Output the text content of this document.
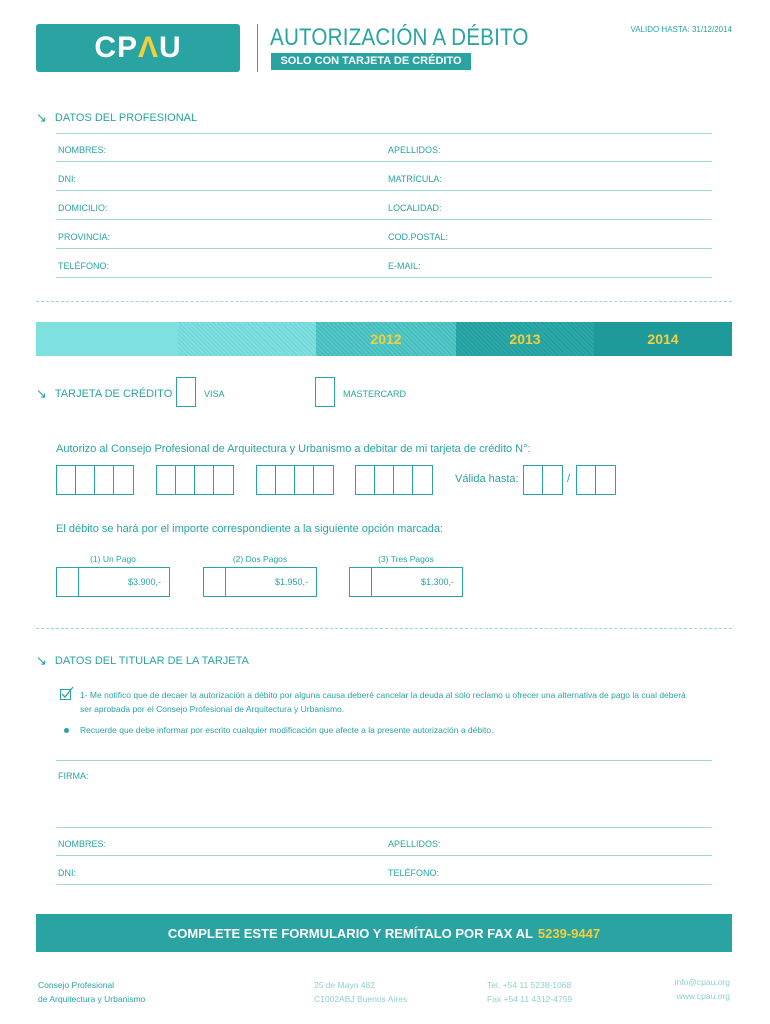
CP Λ U	AUTORIZACIÓN A DÉBITO
SOLO CON TARJETA DE CRÉDITO
VALIDO HASTA: 31/12/2014
↘ DATOS DEL PROFESIONAL
NOMBRES:	APELLIDOS:
DNI:	MATRÍCULA:
DOMICILIO:	LOCALIDAD:
PROVINCIA:	COD.POSTAL:
TELÉFONO:	E-MAIL:
2012	2013	2014
↘ TARJETA DE CRÉDITO	VISA	MASTERCARD
Autorizo al Consejo Profesional de Arquitectura y Urbanismo a debitar de mi tarjeta de crédito N°:
Válida hasta:	/
El débito se hará por el importe correspondiente a la siguiente opción marcada:
(1) Un Pago
$3.900,-
(2) Dos Pagos
$1.950,-
(3) Tres Pagos
$1.300,-
↘ DATOS DEL TITULAR DE LA TARJETA
1- Me notifico que de decaer la autorización a débito por alguna causa deberé cancelar la deuda al solo reclamo u ofrecer una alternativa de pago la cual deberá
ser aprobada por el Consejo Profesional de Arquitectura y Urbanismo.
Recuerde que debe informar por escrito cualquier modificación que afecte a la presente autorización a débito.
FIRMA:
NOMBRES:	APELLIDOS:
DNI:	TELÉFONO:
COMPLETE ESTE FORMULARIO Y REMÍTALO POR FAX AL 5239-9447
Consejo Profesional
de Arquitectura y Urbanismo
25 de Mayo 482
C1002ABJ Buenos Aires
Tel. +54 11 5238-1068
Fax +54 11 4312-4759
info@cpau.org
www.cpau.org
